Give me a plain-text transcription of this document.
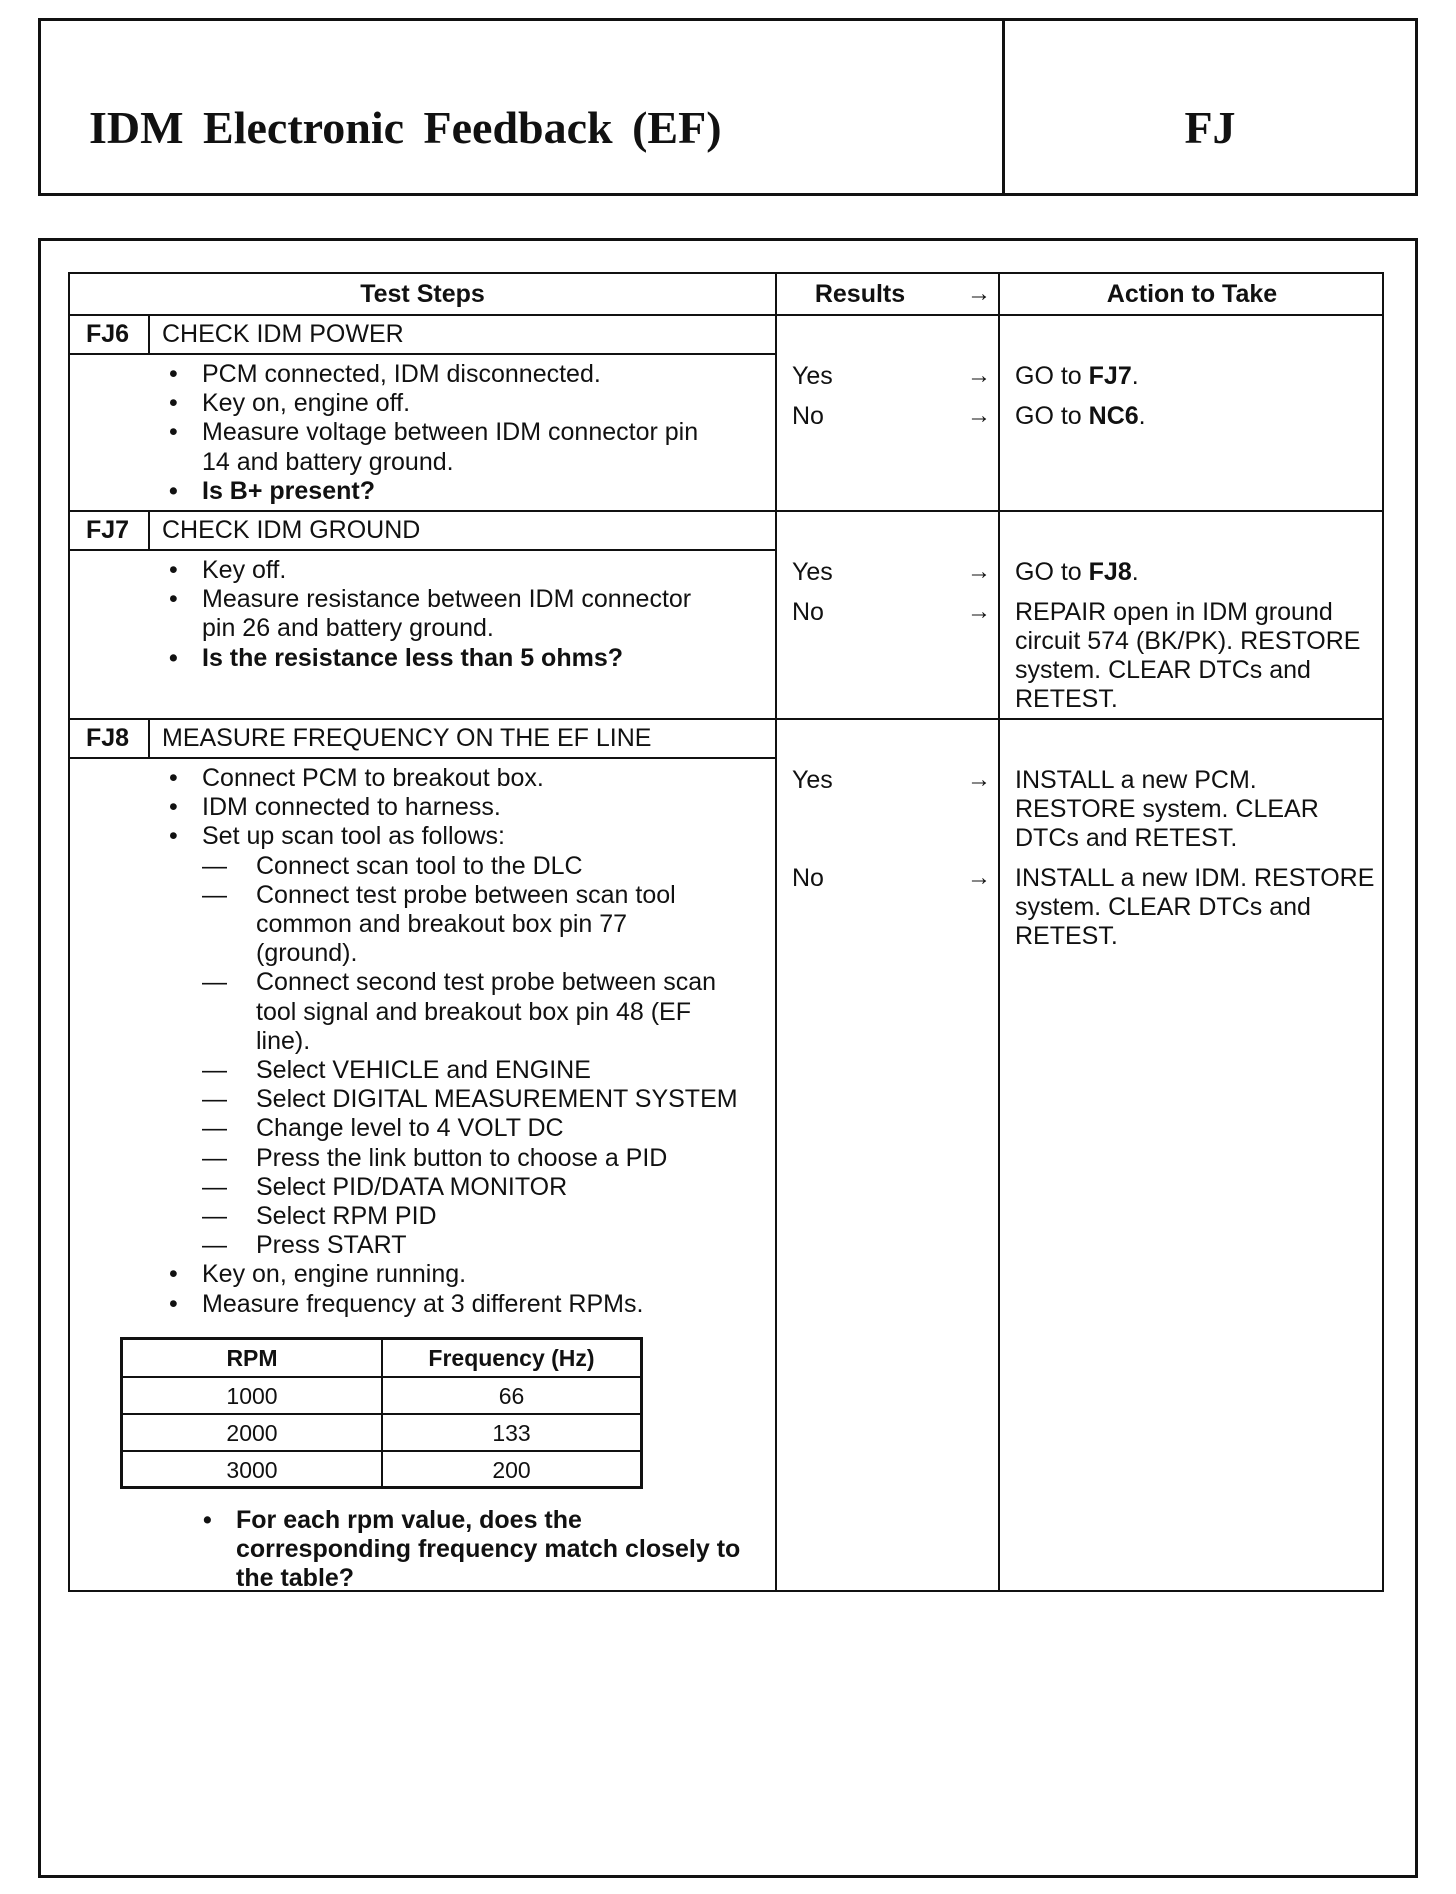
IDM Electronic Feedback (EF)	FJ
Test Steps	Results	→	Action to Take
FJ6 CHECK IDM POWER
• PCM connected, IDM disconnected.
• Key on, engine off.
• Measure voltage between IDM connector pin
14 and battery ground.
• Is B+ present?
Yes	→ GO to FJ7.
No	→ GO to NC6.
FJ7 CHECK IDM GROUND
• Key off.
• Measure resistance between IDM connector
pin 26 and battery ground.
• Is the resistance less than 5 ohms?
Yes	→ GO to FJ8.
No	→ REPAIR open in IDM ground
circuit 574 (BK/PK). RESTORE
system. CLEAR DTCs and
RETEST.
FJ8 MEASURE FREQUENCY ON THE EF LINE
• Connect PCM to breakout box.
• IDM connected to harness.
• Set up scan tool as follows:
— Connect scan tool to the DLC
— Connect test probe between scan tool
common and breakout box pin 77
(ground).
— Connect second test probe between scan
tool signal and breakout box pin 48 (EF
line).
— Select VEHICLE and ENGINE
— Select DIGITAL MEASUREMENT SYSTEM
— Change level to 4 VOLT DC
— Press the link button to choose a PID
— Select PID/DATA MONITOR
— Select RPM PID
— Press START
• Key on, engine running.
• Measure frequency at 3 different RPMs.
RPM	Frequency (Hz)
1000	66
2000	133
3000	200
• For each rpm value, does the
corresponding frequency match closely to
the table?
Yes	→ INSTALL a new PCM.
RESTORE system. CLEAR
DTCs and RETEST.
No	→ INSTALL a new IDM. RESTORE
system. CLEAR DTCs and
RETEST.
